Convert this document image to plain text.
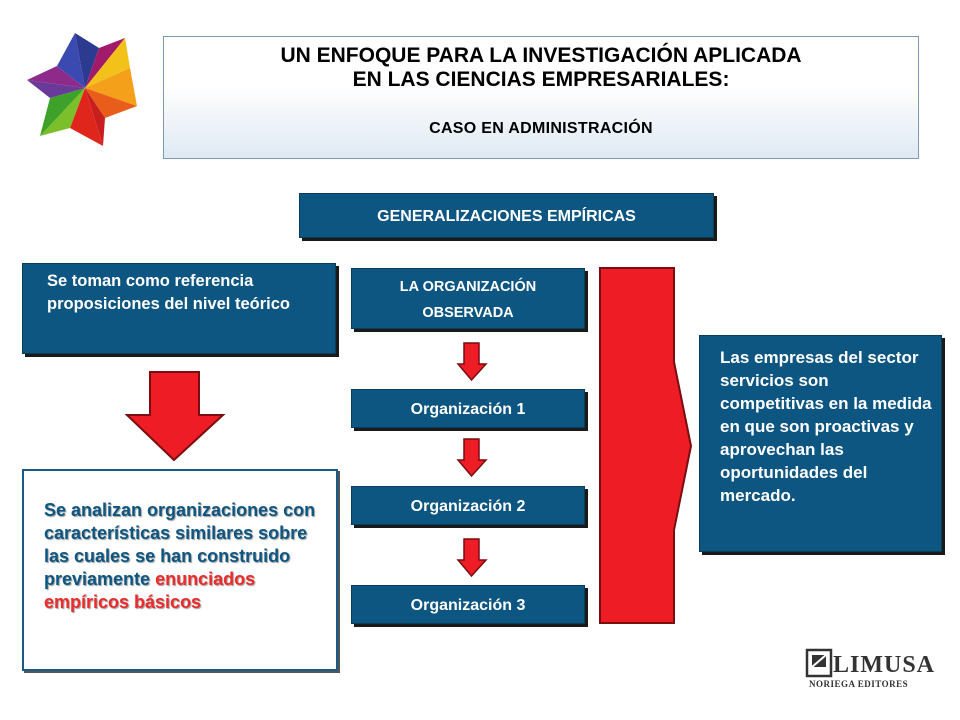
UN ENFOQUE PARA LA INVESTIGACIÓN APLICADA
EN LAS CIENCIAS EMPRESARIALES:
CASO EN ADMINISTRACIÓN
GENERALIZACIONES EMPÍRICAS
Se toman como referencia proposiciones del nivel teórico
Se analizan organizaciones con características similares sobre las cuales se han construido previamente enunciados empíricos básicos
LA ORGANIZACIÓN
OBSERVADA
Organización 1
Organización 2
Organización 3
Las empresas del sector servicios son competitivas en la medida en que son proactivas y aprovechan las oportunidades del mercado.
LIMUSA
NORIEGA EDITORES
